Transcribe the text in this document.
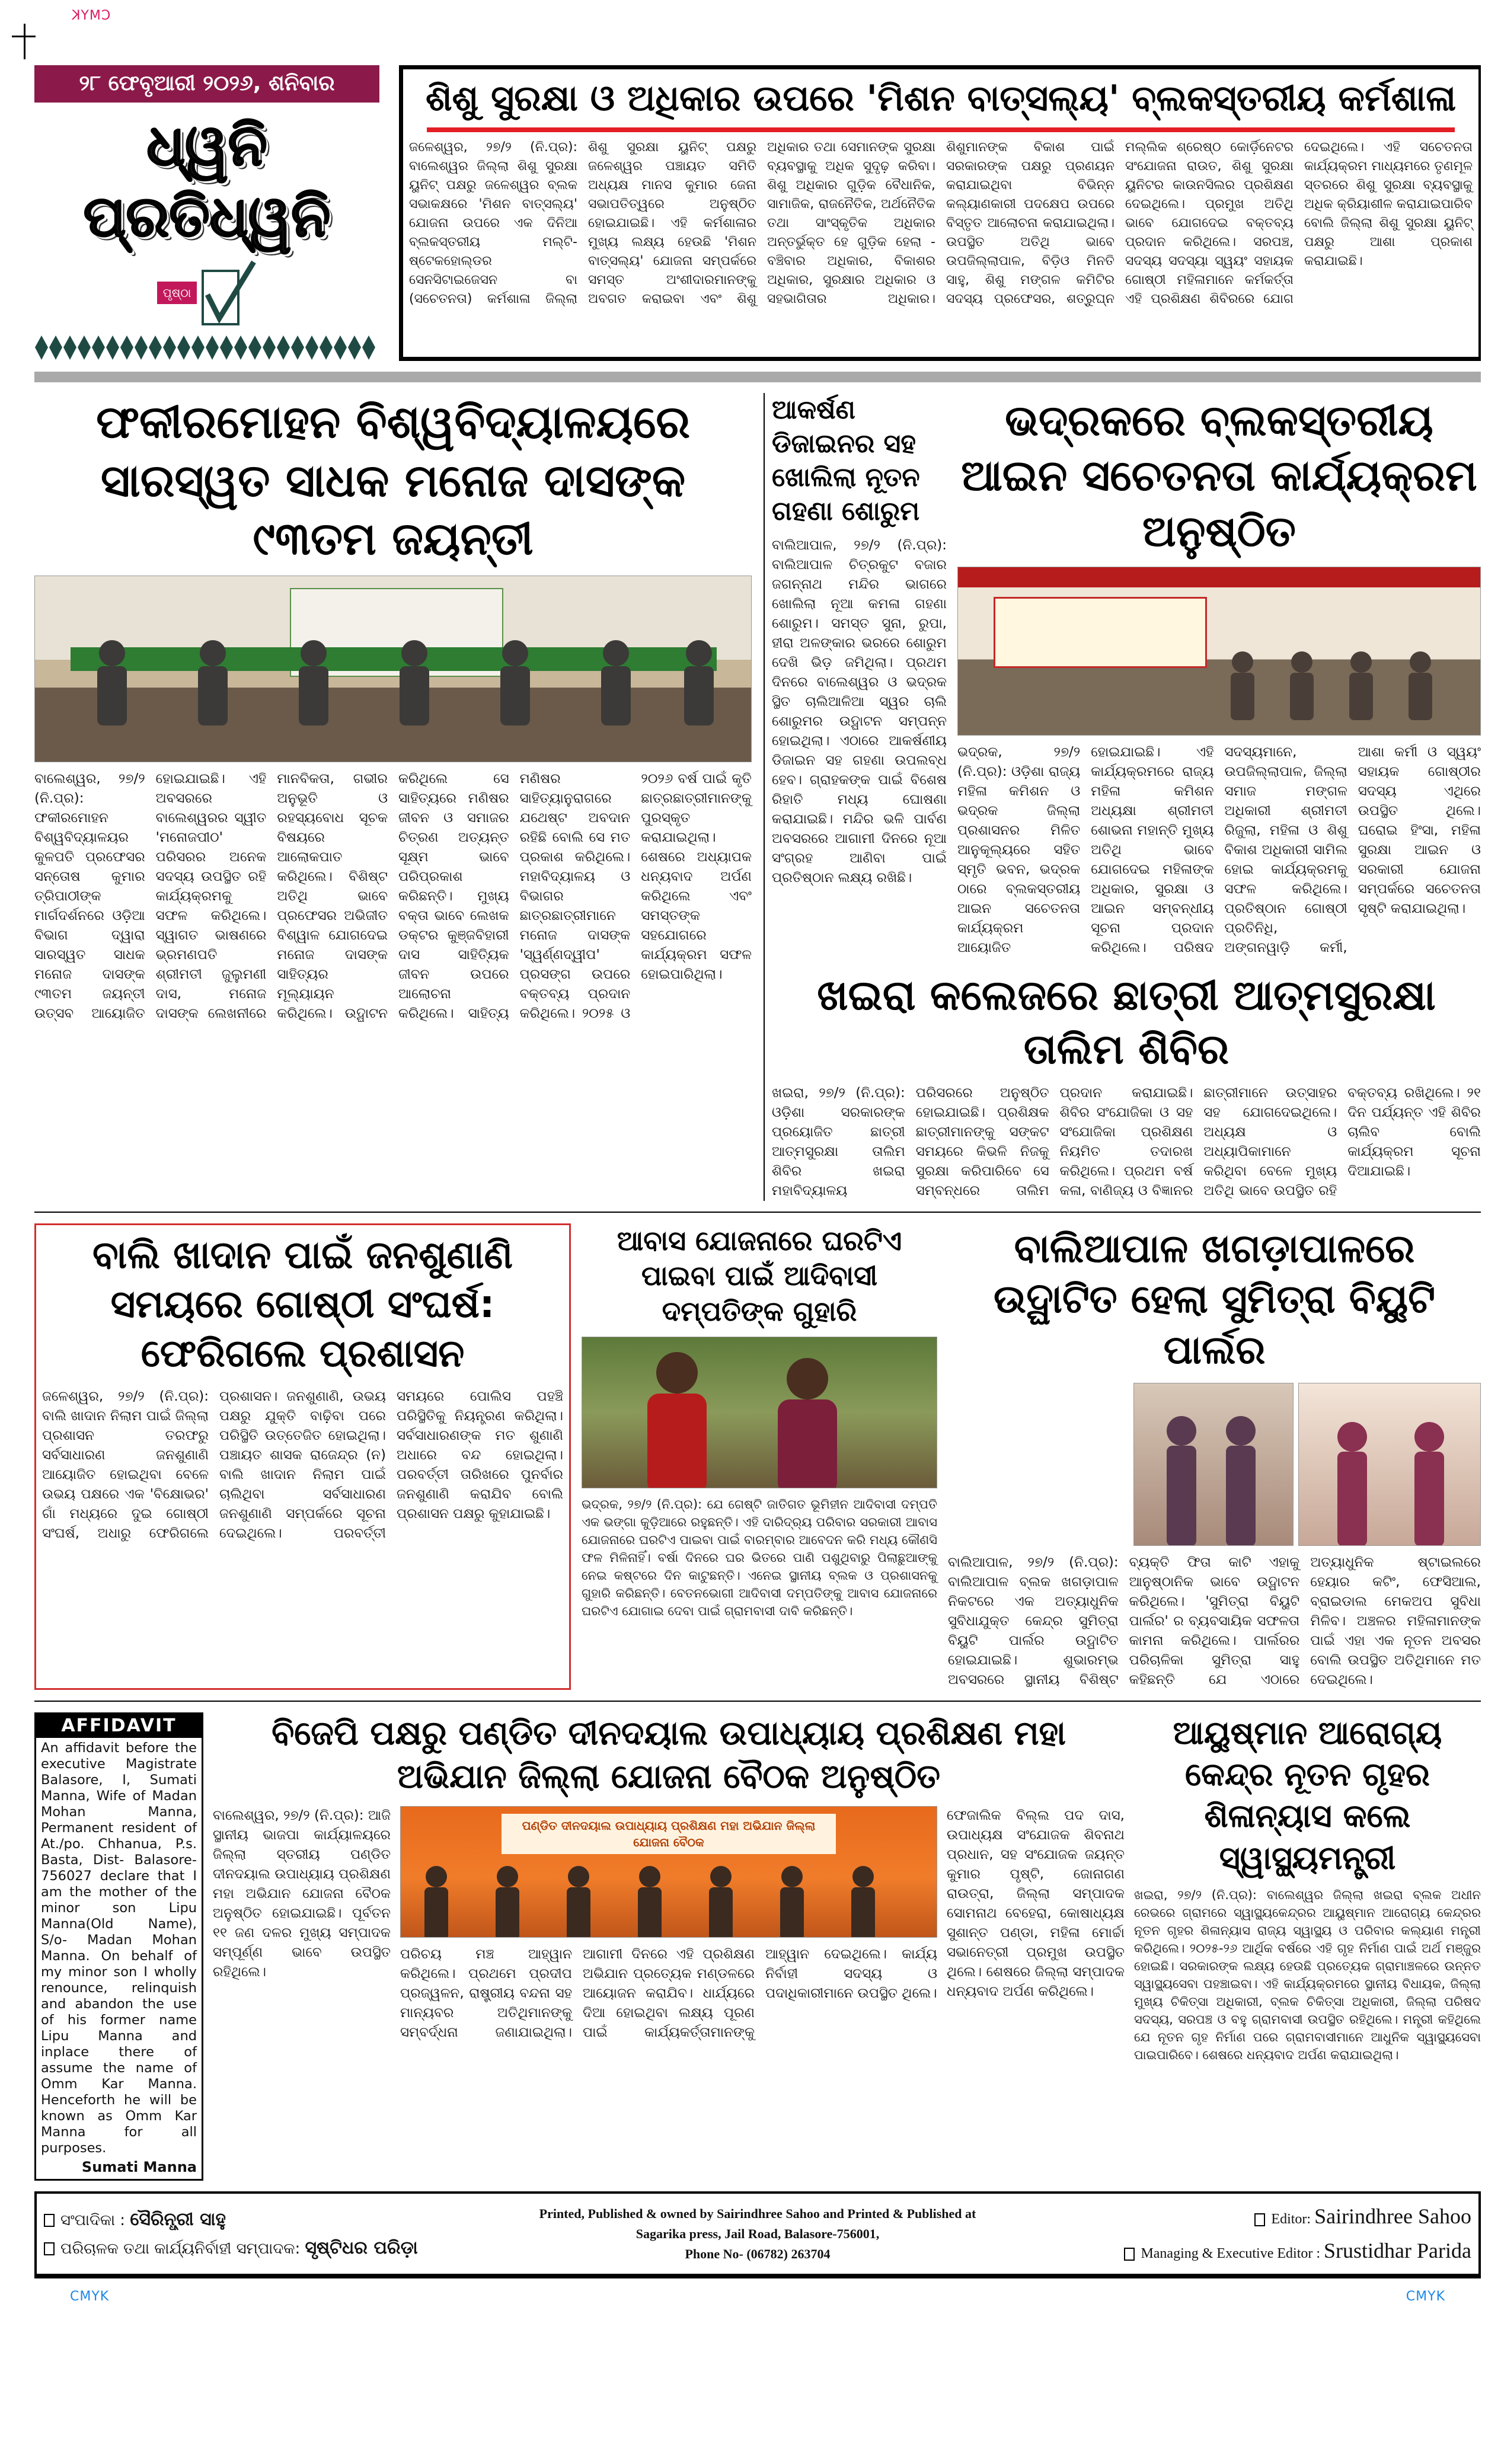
CMYK
୨୮ ଫେବୃଆରୀ ୨୦୨୬, ଶନିବାର
ଧ୍ୱନି ପ୍ରତିଧ୍ୱନି
ପୃଷ୍ଠା
ଶିଶୁ ସୁରକ୍ଷା ଓ ଅଧିକାର ଉପରେ 'ମିଶନ ବାତ୍ସଲ୍ୟ' ବ୍ଲକସ୍ତରୀୟ କର୍ମଶାଳା
ଜଳେଶ୍ୱର, ୨୭/୨ (ନି.ପ୍ର): ବାଲେଶ୍ୱର ଜିଲ୍ଲା ଶିଶୁ ସୁରକ୍ଷା ୟୁନିଟ୍ ପକ୍ଷରୁ ଜଳେଶ୍ୱର ବ୍ଲକ ସଭାକକ୍ଷରେ 'ମିଶନ ବାତ୍ସଲ୍ୟ' ଯୋଜନା ଉପରେ ଏକ ଦିନିଆ ବ୍ଲକସ୍ତରୀୟ ମଲ୍ଟି-ଷ୍ଟେକହୋଲ୍ଡର ସେନସିଟାଇଜେସନ ବା (ସଚେତନତା) କର୍ମଶାଳା ଜିଲ୍ଲା ଶିଶୁ ସୁରକ୍ଷା ୟୁନିଟ୍ ପକ୍ଷରୁ ଜଳେଶ୍ୱର ପଞ୍ଚାୟତ ସମିତି ଅଧ୍ୟକ୍ଷ ମାନସ କୁମାର ଜେନା ସଭାପତିତ୍ୱରେ ଅନୁଷ୍ଠିତ ହୋଇଯାଇଛି। ଏହି କର୍ମଶାଳାର ମୁଖ୍ୟ ଲକ୍ଷ୍ୟ ହେଉଛି 'ମିଶନ ବାତ୍ସଲ୍ୟ' ଯୋଜନା ସମ୍ପର୍କରେ ସମସ୍ତ ଅଂଶୀଦାରମାନଙ୍କୁ ଅବଗତ କରାଇବା ଏବଂ ଶିଶୁ ଅଧିକାର ତଥା ସେମାନଙ୍କ ସୁରକ୍ଷା ବ୍ୟବସ୍ଥାକୁ ଅଧିକ ସୁଦୃଢ଼ କରିବା। ଶିଶୁ ଅଧିକାର ଗୁଡ଼ିକ ବୈଧାନିକ, ସାମାଜିକ, ରାଜନୈତିକ, ଅର୍ଥନୈତିକ ତଥା ସାଂସ୍କୃତିକ ଅଧିକାର ଅନ୍ତର୍ଭୁକ୍ତ ହେ ଗୁଡ଼ିକ ହେଲା - ବଞ୍ଚିବାର ଅଧିକାର, ବିକାଶର ଅଧିକାର, ସୁରକ୍ଷାର ଅଧିକାର ଓ ସହଭାଗିତାର ଅଧିକାର। ଶିଶୁମାନଙ୍କ ବିକାଶ ପାଇଁ ସରକାରଙ୍କ ପକ୍ଷରୁ ପ୍ରଣୟନ କରାଯାଇଥିବା ବିଭିନ୍ନ କଲ୍ୟାଣକାରୀ ପଦକ୍ଷେପ ଉପରେ ବିସ୍ତୃତ ଆଲୋଚନା କରାଯାଇଥିଲା। ଉପସ୍ଥିତ ଅତିଥି ଭାବେ ଉପଜିଲ୍ଲାପାଳ, ବିଡ଼ିଓ ମିନତି ସାହୁ, ଶିଶୁ ମଙ୍ଗଳ କମିଟିର ସଦସ୍ୟ ପ୍ରଫେସର, ଶତ୍ରୁଘ୍ନ ମଲ୍ଲିକ ଶ୍ରେଷ୍ଠ କୋର୍ଡ଼ିନେଟର ସଂଯୋଜନା ରାଉତ, ଶିଶୁ ସୁରକ୍ଷା ୟୁନିଟର କାଉନସିଲର ପ୍ରଶିକ୍ଷଣ ଦେଇଥିଲେ। ପ୍ରମୁଖ ଅତିଥି ଭାବେ ଯୋଗଦେଇ ବକ୍ତବ୍ୟ ପ୍ରଦାନ କରିଥିଲେ। ସରପଞ୍ଚ, ସଦସ୍ୟ ସଦସ୍ୟା ସ୍ୱୟଂ ସହାୟକ ଗୋଷ୍ଠୀ ମହିଳାମାନେ କର୍ମକର୍ତ୍ତା ଏହି ପ୍ରଶିକ୍ଷଣ ଶିବିରରେ ଯୋଗ ଦେଇଥିଲେ। ଏହି ସଚେତନତା କାର୍ଯ୍ୟକ୍ରମ ମାଧ୍ୟମରେ ତୃଣମୂଳ ସ୍ତରରେ ଶିଶୁ ସୁରକ୍ଷା ବ୍ୟବସ୍ଥାକୁ ଅଧିକ କ୍ରିୟାଶୀଳ କରାଯାଇପାରିବ ବୋଲି ଜିଲ୍ଲା ଶିଶୁ ସୁରକ୍ଷା ୟୁନିଟ୍ ପକ୍ଷରୁ ଆଶା ପ୍ରକାଶ କରାଯାଇଛି।
ଫକୀରମୋହନ ବିଶ୍ୱବିଦ୍ୟାଳୟରେ ସାରସ୍ୱତ ସାଧକ ମନୋଜ ଦାସଙ୍କ ୯୩ତମ ଜୟନ୍ତୀ
ବାଲେଶ୍ୱର, ୨୭/୨ (ନି.ପ୍ର): ଫକୀରମୋହନ ବିଶ୍ୱବିଦ୍ୟାଳୟର କୁଳପତି ପ୍ରଫେସର ସନ୍ତୋଷ କୁମାର ତ୍ରିପାଠୀଙ୍କ ମାର୍ଗଦର୍ଶନରେ ଓଡ଼ିଆ ବିଭାଗ ଦ୍ୱାରା ସାରସ୍ୱତ ସାଧକ ମନୋଜ ଦାସଙ୍କ ୯୩ତମ ଜୟନ୍ତୀ ଉତ୍ସବ ଆୟୋଜିତ ହୋଇଯାଇଛି। ଏହି ଅବସରରେ ବାଲେଶ୍ୱରର ସ୍ୱୀତ 'ମନୋଜପୀଠ' ପରିସରର ଅନେକ ସଦସ୍ୟ ଉପସ୍ଥିତ ରହି କାର୍ଯ୍ୟକ୍ରମକୁ ସଫଳ କରିଥିଲେ। ସ୍ୱାଗତ ଭାଷଣରେ ଭ୍ରମଣପତି ଶ୍ରୀମତୀ ଜୁଲୁମଣୀ ଦାସ, ମନୋଜ ଦାସଙ୍କ ଲେଖନୀରେ ମାନବିକତା, ଗଭୀର ଅନୁଭୂତି ଓ ରହସ୍ୟବୋଧ ସୂଚକ ବିଷୟରେ ଆଲୋକପାତ କରିଥିଲେ। ବିଶିଷ୍ଟ ଅତିଥି ଭାବେ ପ୍ରଫେସର ଅଭିଜୀତ ବିଶ୍ୱାଳ ଯୋଗଦେଇ ମନୋଜ ଦାସଙ୍କ ସାହିତ୍ୟର ମୂଲ୍ୟାୟନ କରିଥିଲେ। ଉଦ୍ଘାଟନ କରିଥିଲେ ସେ ସାହିତ୍ୟରେ ମଣିଷର ଜୀବନ ଓ ସମାଜର ଚିତ୍ରଣ ଅତ୍ୟନ୍ତ ସୂକ୍ଷ୍ମ ଭାବେ ପରିପ୍ରକାଶ କରିଛନ୍ତି। ମୁଖ୍ୟ ବକ୍ତା ଭାବେ ଲେଖକ ଡକ୍ଟର କୁଞ୍ଜବିହାରୀ ଦାସ ସାହିତ୍ୟିକ ଜୀବନ ଉପରେ ଆଲୋଚନା କରିଥିଲେ। ସାହିତ୍ୟ ମଣିଷର ସାହିତ୍ୟାନୁରାଗରେ ଯଥେଷ୍ଟ ଅବଦାନ ରହିଛି ବୋଲି ସେ ମତ ପ୍ରକାଶ କରିଥିଲେ। ମହାବିଦ୍ୟାଳୟ ଓ ବିଭାଗର ଛାତ୍ରଛାତ୍ରୀମାନେ ମନୋଜ ଦାସଙ୍କ 'ସ୍ୱର୍ଣ୍ଣଦ୍ୱୀପ' ପ୍ରସଙ୍ଗ ଉପରେ ବକ୍ତବ୍ୟ ପ୍ରଦାନ କରିଥିଲେ। ୨୦୨୫ ଓ ୨୦୨୬ ବର୍ଷ ପାଇଁ କୃତି ଛାତ୍ରଛାତ୍ରୀମାନଙ୍କୁ ପୁରସ୍କୃତ କରାଯାଇଥିଲା। ଶେଷରେ ଅଧ୍ୟାପକ ଧନ୍ୟବାଦ ଅର୍ପଣ କରିଥିଲେ ଏବଂ ସମସ୍ତଙ୍କ ସହଯୋଗରେ କାର୍ଯ୍ୟକ୍ରମ ସଫଳ ହୋଇପାରିଥିଲା।
ଆକର୍ଷଣ ଡିଜାଇନର ସହ ଖୋଲିଲା ନୂତନ ଗହଣା ଶୋରୁମ
ବାଲିଆପାଳ, ୨୭/୨ (ନି.ପ୍ର): ବାଲିଆପାଳ ଚିତ୍ରକୁଟ ବଜାର ଜଗନ୍ନାଥ ମନ୍ଦିର ଭାଗରେ ଖୋଲିଲା ନୂଆ କମଳା ଗହଣା ଶୋରୁମ। ସମସ୍ତ ସୁନା, ରୁପା, ହୀରା ଅଳଙ୍କାର ଭରରେ ଶୋରୁମ ଦେଖି ଭିଡ଼ ଜମିଥିଲା। ପ୍ରଥମ ଦିନରେ ବାଲେଶ୍ୱର ଓ ଭଦ୍ରକ ସ୍ଥିତ ଚାଲିଆଳିଆ ସ୍ୱର ଚାଲି ଶୋରୁମର ଉଦ୍ଘାଟନ ସମ୍ପନ୍ନ ହୋଇଥିଲା। ଏଠାରେ ଆକର୍ଷଣୀୟ ଡିଜାଇନ ସହ ଗହଣା ଉପଲବ୍ଧ ହେବ। ଗ୍ରାହକଙ୍କ ପାଇଁ ବିଶେଷ ରିହାତି ମଧ୍ୟ ଘୋଷଣା କରାଯାଇଛି। ମନ୍ଦିର ଭଳି ପାର୍ବଣ ଅବସରରେ ଆଗାମୀ ଦିନରେ ନୂଆ ସଂଗ୍ରହ ଆଣିବା ପାଇଁ ପ୍ରତିଷ୍ଠାନ ଲକ୍ଷ୍ୟ ରଖିଛି।
ଭଦ୍ରକରେ ବ୍ଲକସ୍ତରୀୟ ଆଇନ ସଚେତନତା କାର୍ଯ୍ୟକ୍ରମ ଅନୁଷ୍ଠିତ
ଭଦ୍ରକ, ୨୭/୨ (ନି.ପ୍ର): ଓଡ଼ିଶା ରାଜ୍ୟ ମହିଳା କମିଶନ ଓ ଭଦ୍ରକ ଜିଲ୍ଲା ପ୍ରଶାସନର ମିଳିତ ଆନୁକୂଲ୍ୟରେ ସହିତ ସ୍ମୃତି ଭବନ, ଭଦ୍ରକ ଠାରେ ବ୍ଲକସ୍ତରୀୟ ଆଇନ ସଚେତନତା କାର୍ଯ୍ୟକ୍ରମ ଆୟୋଜିତ ହୋଇଯାଇଛି। ଏହି କାର୍ଯ୍ୟକ୍ରମରେ ରାଜ୍ୟ ମହିଳା କମିଶନ ଅଧ୍ୟକ୍ଷା ଶ୍ରୀମତୀ ଶୋଭନା ମହାନ୍ତି ମୁଖ୍ୟ ଅତିଥି ଭାବେ ଯୋଗଦେଇ ମହିଳାଙ୍କ ଅଧିକାର, ସୁରକ୍ଷା ଓ ଆଇନ ସମ୍ବନ୍ଧୀୟ ସୂଚନା ପ୍ରଦାନ କରିଥିଲେ। ପରିଷଦ ସଦସ୍ୟମାନେ, ଉପଜିଲ୍ଲାପାଳ, ଜିଲ୍ଲା ସମାଜ ମଙ୍ଗଳ ଅଧିକାରୀ ଶ୍ରୀମତୀ ରିଜୁଲା, ମହିଳା ଓ ଶିଶୁ ବିକାଶ ଅଧିକାରୀ ସାମିଲ ହୋଇ କାର୍ଯ୍ୟକ୍ରମକୁ ସଫଳ କରିଥିଲେ। ପ୍ରତିଷ୍ଠାନ ଗୋଷ୍ଠୀ ପ୍ରତିନିଧି, ଅଙ୍ଗନୱାଡ଼ି କର୍ମୀ, ଆଶା କର୍ମୀ ଓ ସ୍ୱୟଂ ସହାୟକ ଗୋଷ୍ଠୀର ସଦସ୍ୟ ଏଥିରେ ଉପସ୍ଥିତ ଥିଲେ। ଘରୋଇ ହିଂସା, ମହିଳା ସୁରକ୍ଷା ଆଇନ ଓ ସରକାରୀ ଯୋଜନା ସମ୍ପର୍କରେ ସଚେତନତା ସୃଷ୍ଟି କରାଯାଇଥିଲା।
ଖଇରା କଲେଜରେ ଛାତ୍ରୀ ଆତ୍ମସୁରକ୍ଷା ତାଲିମ ଶିବିର
ଖଇରା, ୨୭/୨ (ନି.ପ୍ର): ଓଡ଼ିଶା ସରକାରଙ୍କ ପ୍ରୟୋଜିତ ଛାତ୍ରୀ ଆତ୍ମସୁରକ୍ଷା ତାଲିମ ଶିବିର ଖଇରା ମହାବିଦ୍ୟାଳୟ ପରିସରରେ ଅନୁଷ୍ଠିତ ହୋଇଯାଇଛି। ପ୍ରଶିକ୍ଷକ ଛାତ୍ରୀମାନଙ୍କୁ ସଙ୍କଟ ସମୟରେ କିଭଳି ନିଜକୁ ସୁରକ୍ଷା କରିପାରିବେ ସେ ସମ୍ବନ୍ଧରେ ତାଲିମ ପ୍ରଦାନ କରାଯାଇଛି। ଶିବିର ସଂଯୋଜିକା ଓ ସହ ସଂଯୋଜିକା ପ୍ରଶିକ୍ଷଣ ନିୟମିତ ତଦାରଖ କରିଥିଲେ। ପ୍ରଥମ ବର୍ଷ କଳା, ବାଣିଜ୍ୟ ଓ ବିଜ୍ଞାନର ଛାତ୍ରୀମାନେ ଉତ୍ସାହର ସହ ଯୋଗଦେଇଥିଲେ। ଅଧ୍ୟକ୍ଷ ଓ ଅଧ୍ୟାପିକାମାନେ କରିଥିବା ବେଳେ ମୁଖ୍ୟ ଅତିଥି ଭାବେ ଉପସ୍ଥିତ ରହି ବକ୍ତବ୍ୟ ରଖିଥିଲେ। ୨୧ ଦିନ ପର୍ଯ୍ୟନ୍ତ ଏହି ଶିବିର ଚାଲିବ ବୋଲି କାର୍ଯ୍ୟକ୍ରମ ସୂଚନା ଦିଆଯାଇଛି।
ବାଲି ଖାଦାନ ପାଇଁ ଜନଶୁଣାଣି ସମୟରେ ଗୋଷ୍ଠୀ ସଂଘର୍ଷ: ଫେରିଗଲେ ପ୍ରଶାସନ
ଜଳେଶ୍ୱର, ୨୭/୨ (ନି.ପ୍ର): ବାଲି ଖାଦାନ ନିଲାମ ପାଇଁ ଜିଲ୍ଲା ପ୍ରଶାସନ ତରଫରୁ ସର୍ବସାଧାରଣ ଜନଶୁଣାଣି ଆୟୋଜିତ ହୋଇଥିବା ବେଳେ ଉଭୟ ପକ୍ଷରେ ଏକ 'ବିକ୍ଷୋଭର' ଗାଁ ମଧ୍ୟରେ ଦୁଇ ଗୋଷ୍ଠୀ ସଂଘର୍ଷ, ଅଧାରୁ ଫେରିଗଲେ ପ୍ରଶାସନ। ଜନଶୁଣାଣି, ଉଭୟ ପକ୍ଷରୁ ଯୁକ୍ତି ବାଢ଼ିବା ପରେ ପରିସ୍ଥିତି ଉତ୍ତେଜିତ ହୋଇଥିଲା। ପଞ୍ଚାୟତ ଶାସକ ରାଜେନ୍ଦ୍ର (ନ) ବାଲି ଖାଦାନ ନିଲାମ ପାଇଁ ଚାଲିଥିବା ସର୍ବସାଧାରଣ ଜନଶୁଣାଣି ସମ୍ପର୍କରେ ସୂଚନା ଦେଇଥିଲେ। ପରବର୍ତ୍ତୀ ସମୟରେ ପୋଲିସ ପହଞ୍ଚି ପରିସ୍ଥିତିକୁ ନିୟନ୍ତ୍ରଣ କରିଥିଲା। ସର୍ବସାଧାରଣଙ୍କ ମତ ଶୁଣାଣି ଅଧାରେ ବନ୍ଦ ହୋଇଥିଲା। ପରବର୍ତ୍ତୀ ତାରିଖରେ ପୁନର୍ବାର ଜନଶୁଣାଣି କରାଯିବ ବୋଲି ପ୍ରଶାସନ ପକ୍ଷରୁ କୁହାଯାଇଛି।
ଆବାସ ଯୋଜନାରେ ଘରଟିଏ ପାଇବା ପାଇଁ ଆଦିବାସୀ ଦମ୍ପତିଙ୍କ ଗୁହାରି
ଭଦ୍ରକ, ୨୭/୨ (ନି.ପ୍ର): ଯେ ଗେଷ୍ଟି ଜାତିଗତ ଭୂମିହୀନ ଆଦିବାସୀ ଦମ୍ପତି ଏକ ଭଙ୍ଗା କୁଡ଼ିଆରେ ରହୁଛନ୍ତି। ଏହି ଦାରିଦ୍ର୍ୟ ପରିବାର ସରକାରୀ ଆବାସ ଯୋଜନାରେ ଘରଟିଏ ପାଇବା ପାଇଁ ବାରମ୍ବାର ଆବେଦନ କରି ମଧ୍ୟ କୌଣସି ଫଳ ମିଳିନାହିଁ। ବର୍ଷା ଦିନରେ ଘର ଭିତରେ ପାଣି ପଶୁଥିବାରୁ ପିଲାଛୁଆଙ୍କୁ ନେଇ କଷ୍ଟରେ ଦିନ କାଟୁଛନ୍ତି। ଏନେଇ ସ୍ଥାନୀୟ ବ୍ଲକ ଓ ପ୍ରଶାସନକୁ ଗୁହାରି କରିଛନ୍ତି। ବେତନଭୋଗୀ ଆଦିବାସୀ ଦମ୍ପତିଙ୍କୁ ଆବାସ ଯୋଜନାରେ ଘରଟିଏ ଯୋଗାଇ ଦେବା ପାଇଁ ଗ୍ରାମବାସୀ ଦାବି କରିଛନ୍ତି।
ବାଲିଆପାଳ ଖଗଡ଼ାପାଳରେ ଉଦ୍ଘାଟିତ ହେଲା ସୁମିତ୍ରା ବିୟୁଟି ପାର୍ଲର
ବାଲିଆପାଳ, ୨୭/୨ (ନି.ପ୍ର): ବାଲିଆପାଳ ବ୍ଲକ ଖଗଡ଼ାପାଳ ନିକଟରେ ଏକ ଅତ୍ୟାଧୁନିକ ସୁବିଧାଯୁକ୍ତ କେନ୍ଦ୍ର ସୁମିତ୍ରା ବିୟୁଟି ପାର୍ଲର ଉଦ୍ଘାଟିତ ହୋଇଯାଇଛି। ଶୁଭାରମ୍ଭ ଅବସରରେ ସ୍ଥାନୀୟ ବିଶିଷ୍ଟ ବ୍ୟକ୍ତି ଫିତା କାଟି ଏହାକୁ ଆନୁଷ୍ଠାନିକ ଭାବେ ଉଦ୍ଘାଟନ କରିଥିଲେ। 'ସୁମିତ୍ରା ବିୟୁଟି ପାର୍ଲର' ର ବ୍ୟବସାୟିକ ସଫଳତା କାମନା କରିଥିଲେ। ପାର୍ଲରର ପରିଚାଳିକା ସୁମିତ୍ରା ସାହୁ କହିଛନ୍ତି ଯେ ଏଠାରେ ଅତ୍ୟାଧୁନିକ ଷ୍ଟାଇଲରେ ହେୟାର କଟିଂ, ଫେସିଆଲ, ବ୍ରାଇଡାଲ ମେକଅପ ସୁବିଧା ମିଳିବ। ଅଞ୍ଚଳର ମହିଳାମାନଙ୍କ ପାଇଁ ଏହା ଏକ ନୂତନ ଅବସର ବୋଲି ଉପସ୍ଥିତ ଅତିଥିମାନେ ମତ ଦେଇଥିଲେ।
AFFIDAVIT
An affidavit before the executive Magistrate Balasore, I, Sumati Manna, Wife of Madan Mohan Manna, Permanent resident of At./po. Chhanua, P.s. Basta, Dist- Balasore-756027 declare that I am the mother of the minor son Lipu Manna(Old Name), S/o- Madan Mohan Manna. On behalf of my minor son I wholly renounce, relinquish and abandon the use of his former name Lipu Manna and inplace there of assume the name of Omm Kar Manna. Henceforth he will be known as Omm Kar Manna for all purposes.
Sumati Manna
ବିଜେପି ପକ୍ଷରୁ ପଣ୍ଡିତ ଦୀନଦୟାଲ ଉପାଧ୍ୟାୟ ପ୍ରଶିକ୍ଷଣ ମହା ଅଭିଯାନ ଜିଲ୍ଲା ଯୋଜନା ବୈଠକ ଅନୁଷ୍ଠିତ
ବାଲେଶ୍ୱର, ୨୭/୨ (ନି.ପ୍ର): ଆଜି ସ୍ଥାନୀୟ ଭାଜପା କାର୍ଯ୍ୟାଳୟରେ ଜିଲ୍ଲା ସ୍ତରୀୟ ପଣ୍ଡିତ ଦୀନଦୟାଲ ଉପାଧ୍ୟାୟ ପ୍ରଶିକ୍ଷଣ ମହା ଅଭିଯାନ ଯୋଜନା ବୈଠକ ଅନୁଷ୍ଠିତ ହୋଇଯାଇଛି। ପୂର୍ବତନ ୧୧ ଜଣ ଦଳର ମୁଖ୍ୟ ସମ୍ପାଦକ ସମ୍ପୂର୍ଣ୍ଣ ଭାବେ ଉପସ୍ଥିତ ରହିଥିଲେ।
ପଣ୍ଡିତ ଦୀନଦୟାଲ ଉପାଧ୍ୟାୟ ପ୍ରଶିକ୍ଷଣ ମହା ଅଭିଯାନ ଜିଲ୍ଲା ଯୋଜନା ବୈଠକ
ପରିଚୟ ମଞ୍ଚ ଆହ୍ୱାନ କରିଥିଲେ। ପ୍ରଥମେ ପ୍ରଦୀପ ପ୍ରଜ୍ୱଳନ, ରାଷ୍ଟ୍ରୀୟ ବନ୍ଦନା ସହ ମାନ୍ୟବର ଅତିଥିମାନଙ୍କୁ ସମ୍ବର୍ଦ୍ଧନା ଜଣାଯାଇଥିଲା। ଆଗାମୀ ଦିନରେ ଏହି ପ୍ରଶିକ୍ଷଣ ଅଭିଯାନ ପ୍ରତ୍ୟେକ ମଣ୍ଡଳରେ ଆୟୋଜନ କରାଯିବ। ଧାର୍ଯ୍ୟରେ ଦିଆ ହୋଇଥିବା ଲକ୍ଷ୍ୟ ପୂରଣ ପାଇଁ କାର୍ଯ୍ୟକର୍ତ୍ତାମାନଙ୍କୁ ଆହ୍ୱାନ ଦେଇଥିଲେ। କାର୍ଯ୍ୟ ନିର୍ବାହୀ ସଦସ୍ୟ ଓ ପଦାଧିକାରୀମାନେ ଉପସ୍ଥିତ ଥିଲେ।
ଫେଜାଲିକ ବିଲ୍ଲ ପଦ ଦାସ, ଉପାଧ୍ୟକ୍ଷ ସଂଯୋଜକ ଶିବନାଥ ପ୍ରଧାନ, ସହ ସଂଯୋଜକ ଜୟନ୍ତ କୁମାର ପୃଷ୍ଟି, ଜୋନାଗଣ ରାଉତ୍ରା, ଜିଲ୍ଲା ସମ୍ପାଦକ ସୋମନାଥ ବେହେରା, କୋଷାଧ୍ୟକ୍ଷ ସୁଶାନ୍ତ ପଣ୍ଡା, ମହିଳା ମୋର୍ଚ୍ଚା ସଭାନେତ୍ରୀ ପ୍ରମୁଖ ଉପସ୍ଥିତ ଥିଲେ। ଶେଷରେ ଜିଲ୍ଲା ସମ୍ପାଦକ ଧନ୍ୟବାଦ ଅର୍ପଣ କରିଥିଲେ।
ଆୟୁଷ୍ମାନ ଆରୋଗ୍ୟ କେନ୍ଦ୍ର ନୂତନ ଗୃହର ଶିଳାନ୍ୟାସ କଲେ ସ୍ୱାସ୍ଥ୍ୟମନ୍ତ୍ରୀ
ଖଇରା, ୨୭/୨ (ନି.ପ୍ର): ବାଲେଶ୍ୱର ଜିଲ୍ଲା ଖଇରା ବ୍ଲକ ଅଧୀନ ରେଭରେ ଗ୍ରାମରେ ସ୍ୱାସ୍ଥ୍ୟକେନ୍ଦ୍ରର ଆୟୁଷ୍ମାନ ଆରୋଗ୍ୟ କେନ୍ଦ୍ରର ନୂତନ ଗୃହର ଶିଳାନ୍ୟାସ ରାଜ୍ୟ ସ୍ୱାସ୍ଥ୍ୟ ଓ ପରିବାର କଲ୍ୟାଣ ମନ୍ତ୍ରୀ କରିଥିଲେ। ୨୦୨୫-୨୬ ଆର୍ଥିକ ବର୍ଷରେ ଏହି ଗୃହ ନିର୍ମାଣ ପାଇଁ ଅର୍ଥ ମଞ୍ଜୁର ହୋଇଛି। ସରକାରଙ୍କ ଲକ୍ଷ୍ୟ ହେଉଛି ପ୍ରତ୍ୟେକ ଗ୍ରାମାଞ୍ଚଳରେ ଉନ୍ନତ ସ୍ୱାସ୍ଥ୍ୟସେବା ପହଞ୍ଚାଇବା। ଏହି କାର୍ଯ୍ୟକ୍ରମରେ ସ୍ଥାନୀୟ ବିଧାୟକ, ଜିଲ୍ଲା ମୁଖ୍ୟ ଚିକିତ୍ସା ଅଧିକାରୀ, ବ୍ଲକ ଚିକିତ୍ସା ଅଧିକାରୀ, ଜିଲ୍ଲା ପରିଷଦ ସଦସ୍ୟ, ସରପଞ୍ଚ ଓ ବହୁ ଗ୍ରାମବାସୀ ଉପସ୍ଥିତ ରହିଥିଲେ। ମନ୍ତ୍ରୀ କହିଥିଲେ ଯେ ନୂତନ ଗୃହ ନିର୍ମାଣ ପରେ ଗ୍ରାମବାସୀମାନେ ଆଧୁନିକ ସ୍ୱାସ୍ଥ୍ୟସେବା ପାଇପାରିବେ। ଶେଷରେ ଧନ୍ୟବାଦ ଅର୍ପଣ କରାଯାଇଥିଲା।
ସଂପାଦିକା : ସୈରିନ୍ଧ୍ରୀ ସାହୁ
ପରିଚାଳକ ତଥା କାର୍ଯ୍ୟନିର୍ବାହୀ ସମ୍ପାଦକ: ସୃଷ୍ଟିଧର ପରିଡ଼ା
Printed, Published & owned by Sairindhree Sahoo and Printed & Published at
Sagarika press, Jail Road, Balasore-756001,
Phone No- (06782) 263704
Editor: Sairindhree Sahoo
Managing & Executive Editor : Srustidhar Parida
CMYK	CMYK
